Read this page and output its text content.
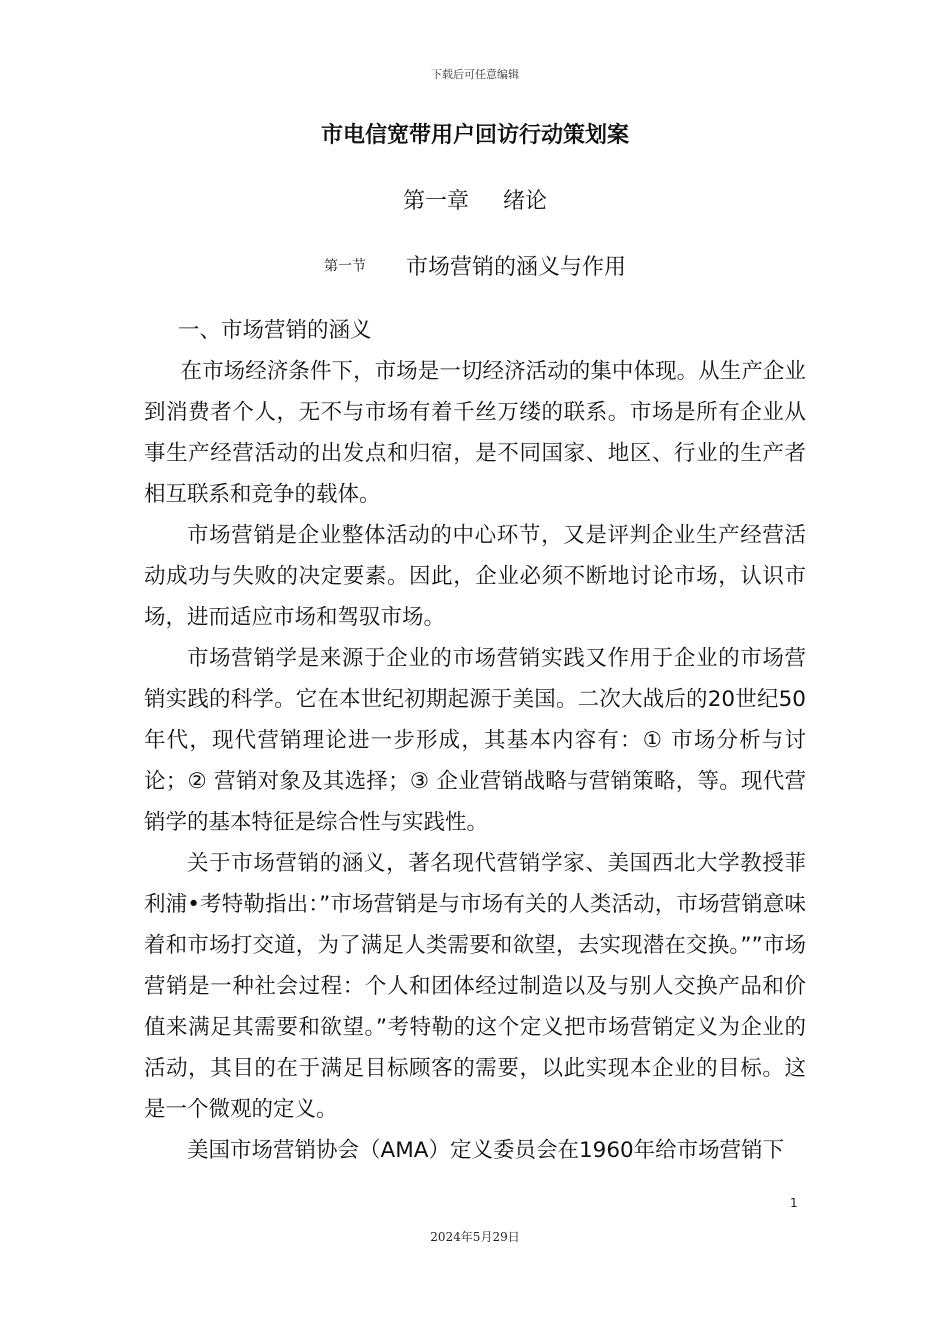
下载后可任意编辑
市电信宽带用户回访行动策划案
第一章 绪论
第一节 市场营销的涵义与作用

一、市场营销的涵义

在市场经济条件下，市场是一切经济活动的集中体现。从生产企业到消费者个人，无不与市场有着千丝万缕的联系。市场是所有企业从事生产经营活动的出发点和归宿，是不同国家、地区、行业的生产者相互联系和竞争的载体。

市场营销是企业整体活动的中心环节，又是评判企业生产经营活动成功与失败的决定要素。因此，企业必须不断地讨论市场，认识市场，进而适应市场和驾驭市场。

市场营销学是来源于企业的市场营销实践又作用于企业的市场营销实践的科学。它在本世纪初期起源于美国。二次大战后的20世纪50年代，现代营销理论进一步形成，其基本内容有：① 市场分析与讨论；② 营销对象及其选择；③ 企业营销战略与营销策略，等。现代营销学的基本特征是综合性与实践性。

关于市场营销的涵义，著名现代营销学家、美国西北大学教授菲利浦•考特勒指出：”市场营销是与市场有关的人类活动，市场营销意味着和市场打交道，为了满足人类需要和欲望，去实现潜在交换。””市场营销是一种社会过程：个人和团体经过制造以及与别人交换产品和价值来满足其需要和欲望。”考特勒的这个定义把市场营销定义为企业的活动，其目的在于满足目标顾客的需要，以此实现本企业的目标。这是一个微观的定义。

美国市场营销协会（AMA）定义委员会在1960年给市场营销下

1
2024年5月29日
